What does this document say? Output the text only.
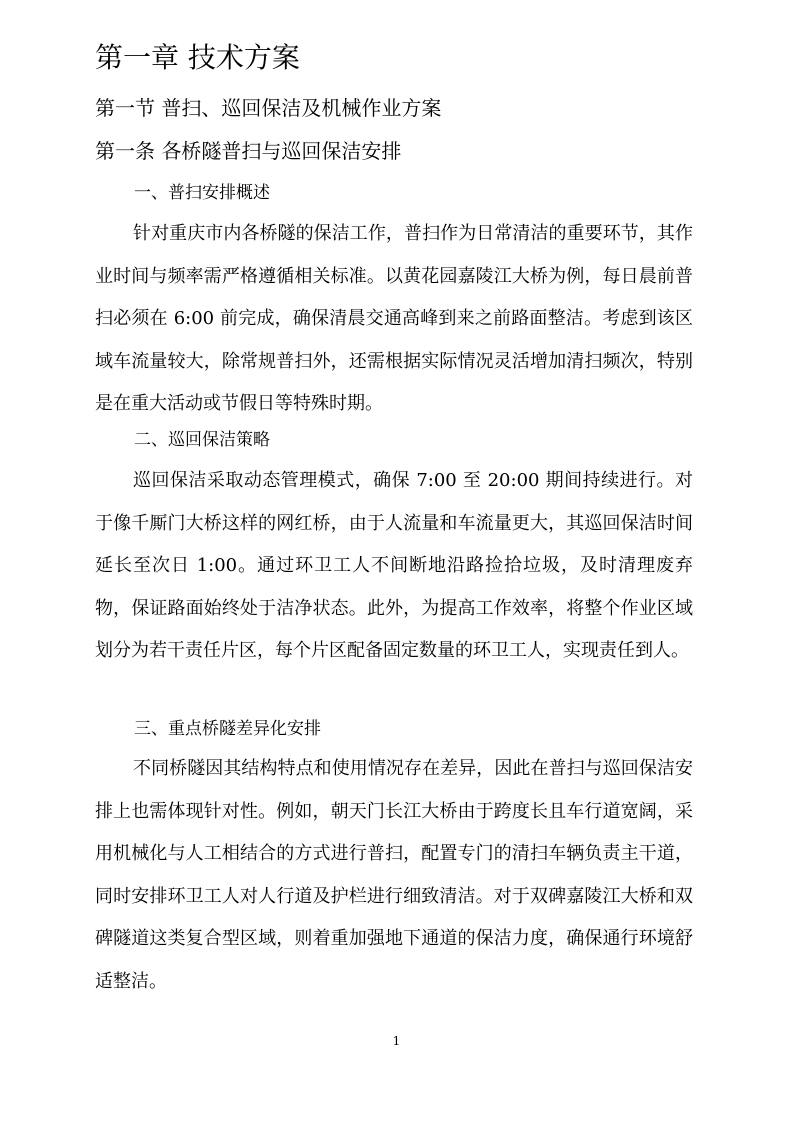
第一章 技术方案
第一节 普扫、巡回保洁及机械作业方案
第一条 各桥隧普扫与巡回保洁安排
一、普扫安排概述

针对重庆市内各桥隧的保洁工作，普扫作为日常清洁的重要环节，其作业时间与频率需严格遵循相关标准。以黄花园嘉陵江大桥为例，每日晨前普扫必须在 6:00 前完成，确保清晨交通高峰到来之前路面整洁。考虑到该区域车流量较大，除常规普扫外，还需根据实际情况灵活增加清扫频次，特别是在重大活动或节假日等特殊时期。

二、巡回保洁策略

巡回保洁采取动态管理模式，确保 7:00 至 20:00 期间持续进行。对于像千厮门大桥这样的网红桥，由于人流量和车流量更大，其巡回保洁时间延长至次日 1:00。通过环卫工人不间断地沿路捡拾垃圾，及时清理废弃物，保证路面始终处于洁净状态。此外，为提高工作效率，将整个作业区域划分为若干责任片区，每个片区配备固定数量的环卫工人，实现责任到人。

三、重点桥隧差异化安排

不同桥隧因其结构特点和使用情况存在差异，因此在普扫与巡回保洁安排上也需体现针对性。例如，朝天门长江大桥由于跨度长且车行道宽阔，采用机械化与人工相结合的方式进行普扫，配置专门的清扫车辆负责主干道，同时安排环卫工人对人行道及护栏进行细致清洁。对于双碑嘉陵江大桥和双碑隧道这类复合型区域，则着重加强地下通道的保洁力度，确保通行环境舒适整洁。

1
